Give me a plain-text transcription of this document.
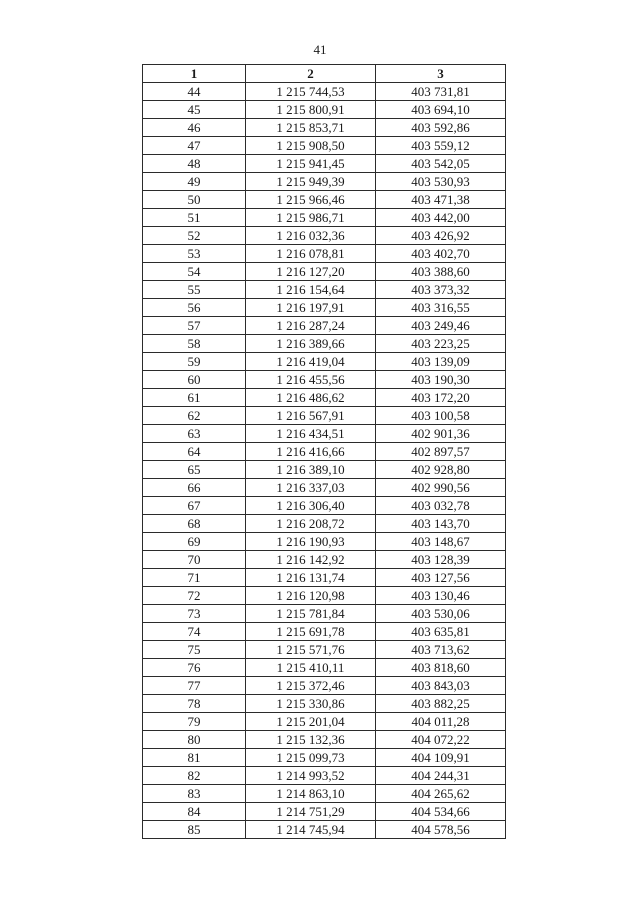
41
1	2	3
44	1 215 744,53	403 731,81
45	1 215 800,91	403 694,10
46	1 215 853,71	403 592,86
47	1 215 908,50	403 559,12
48	1 215 941,45	403 542,05
49	1 215 949,39	403 530,93
50	1 215 966,46	403 471,38
51	1 215 986,71	403 442,00
52	1 216 032,36	403 426,92
53	1 216 078,81	403 402,70
54	1 216 127,20	403 388,60
55	1 216 154,64	403 373,32
56	1 216 197,91	403 316,55
57	1 216 287,24	403 249,46
58	1 216 389,66	403 223,25
59	1 216 419,04	403 139,09
60	1 216 455,56	403 190,30
61	1 216 486,62	403 172,20
62	1 216 567,91	403 100,58
63	1 216 434,51	402 901,36
64	1 216 416,66	402 897,57
65	1 216 389,10	402 928,80
66	1 216 337,03	402 990,56
67	1 216 306,40	403 032,78
68	1 216 208,72	403 143,70
69	1 216 190,93	403 148,67
70	1 216 142,92	403 128,39
71	1 216 131,74	403 127,56
72	1 216 120,98	403 130,46
73	1 215 781,84	403 530,06
74	1 215 691,78	403 635,81
75	1 215 571,76	403 713,62
76	1 215 410,11	403 818,60
77	1 215 372,46	403 843,03
78	1 215 330,86	403 882,25
79	1 215 201,04	404 011,28
80	1 215 132,36	404 072,22
81	1 215 099,73	404 109,91
82	1 214 993,52	404 244,31
83	1 214 863,10	404 265,62
84	1 214 751,29	404 534,66
85	1 214 745,94	404 578,56
